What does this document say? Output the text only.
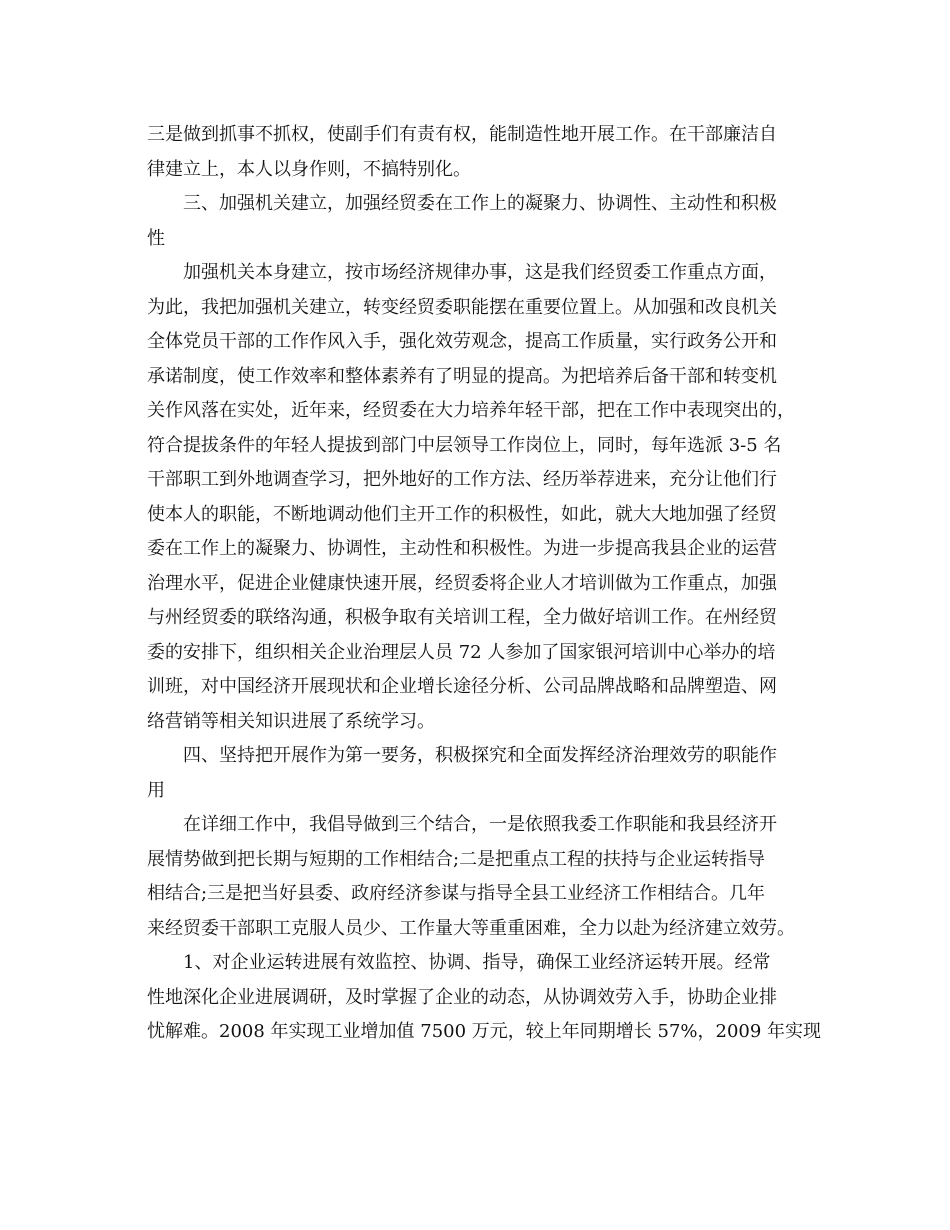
三是做到抓事不抓权，使副手们有责有权，能制造性地开展工作。在干部廉洁自
律建立上，本人以身作则，不搞特别化。
三、加强机关建立，加强经贸委在工作上的凝聚力、协调性、主动性和积极
性
加强机关本身建立，按市场经济规律办事，这是我们经贸委工作重点方面，
为此，我把加强机关建立，转变经贸委职能摆在重要位置上。从加强和改良机关
全体党员干部的工作作风入手，强化效劳观念，提高工作质量，实行政务公开和
承诺制度，使工作效率和整体素养有了明显的提高。为把培养后备干部和转变机
关作风落在实处，近年来，经贸委在大力培养年轻干部，把在工作中表现突出的，
符合提拔条件的年轻人提拔到部门中层领导工作岗位上，同时，每年选派 3-5 名
干部职工到外地调查学习，把外地好的工作方法、经历举荐进来，充分让他们行
使本人的职能，不断地调动他们主开工作的积极性，如此，就大大地加强了经贸
委在工作上的凝聚力、协调性，主动性和积极性。为进一步提高我县企业的运营
治理水平，促进企业健康快速开展，经贸委将企业人才培训做为工作重点，加强
与州经贸委的联络沟通，积极争取有关培训工程，全力做好培训工作。在州经贸
委的安排下，组织相关企业治理层人员 72 人参加了国家银河培训中心举办的培
训班，对中国经济开展现状和企业增长途径分析、公司品牌战略和品牌塑造、网
络营销等相关知识进展了系统学习。
四、坚持把开展作为第一要务，积极探究和全面发挥经济治理效劳的职能作
用
在详细工作中，我倡导做到三个结合，一是依照我委工作职能和我县经济开
展情势做到把长期与短期的工作相结合;二是把重点工程的扶持与企业运转指导
相结合;三是把当好县委、政府经济参谋与指导全县工业经济工作相结合。几年
来经贸委干部职工克服人员少、工作量大等重重困难，全力以赴为经济建立效劳。
1、对企业运转进展有效监控、协调、指导，确保工业经济运转开展。经常
性地深化企业进展调研，及时掌握了企业的动态，从协调效劳入手，协助企业排
忧解难。2008 年实现工业增加值 7500 万元，较上年同期增长 57%，2009 年实现
